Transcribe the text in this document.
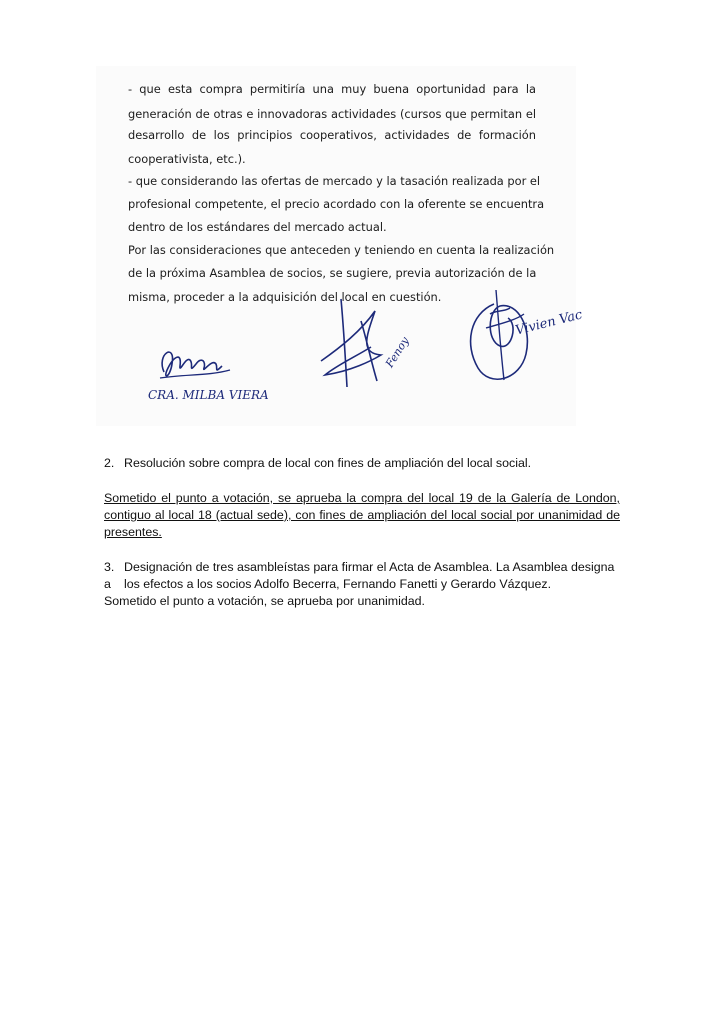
- que esta compra permitiría una muy buena oportunidad para la
generación de otras e innovadoras actividades (cursos que permitan el
desarrollo de los principios cooperativos, actividades de formación
cooperativista, etc.).
- que considerando las ofertas de mercado y la tasación realizada por el
profesional competente, el precio acordado con la oferente se encuentra
dentro de los estándares del mercado actual.
Por las consideraciones que anteceden y teniendo en cuenta la realización
de la próxima Asamblea de socios, se sugiere, previa autorización de la
misma, proceder a la adquisición del local en cuestión.
CRA. MILBA VIERA
Fenoy
Vivien Vac
2. Resolución sobre compra de local con fines de ampliación del local social.
Sometido el punto a votación, se aprueba la compra del local 19 de la Galería de London,
contiguo al local 18 (actual sede), con fines de ampliación del local social por unanimidad de
presentes.
3. Designación de tres asambleístas para firmar el Acta de Asamblea. La Asamblea designa a	los efectos a los socios Adolfo Becerra, Fernando Fanetti y Gerardo Vázquez.
Sometido el punto a votación, se aprueba por unanimidad.
